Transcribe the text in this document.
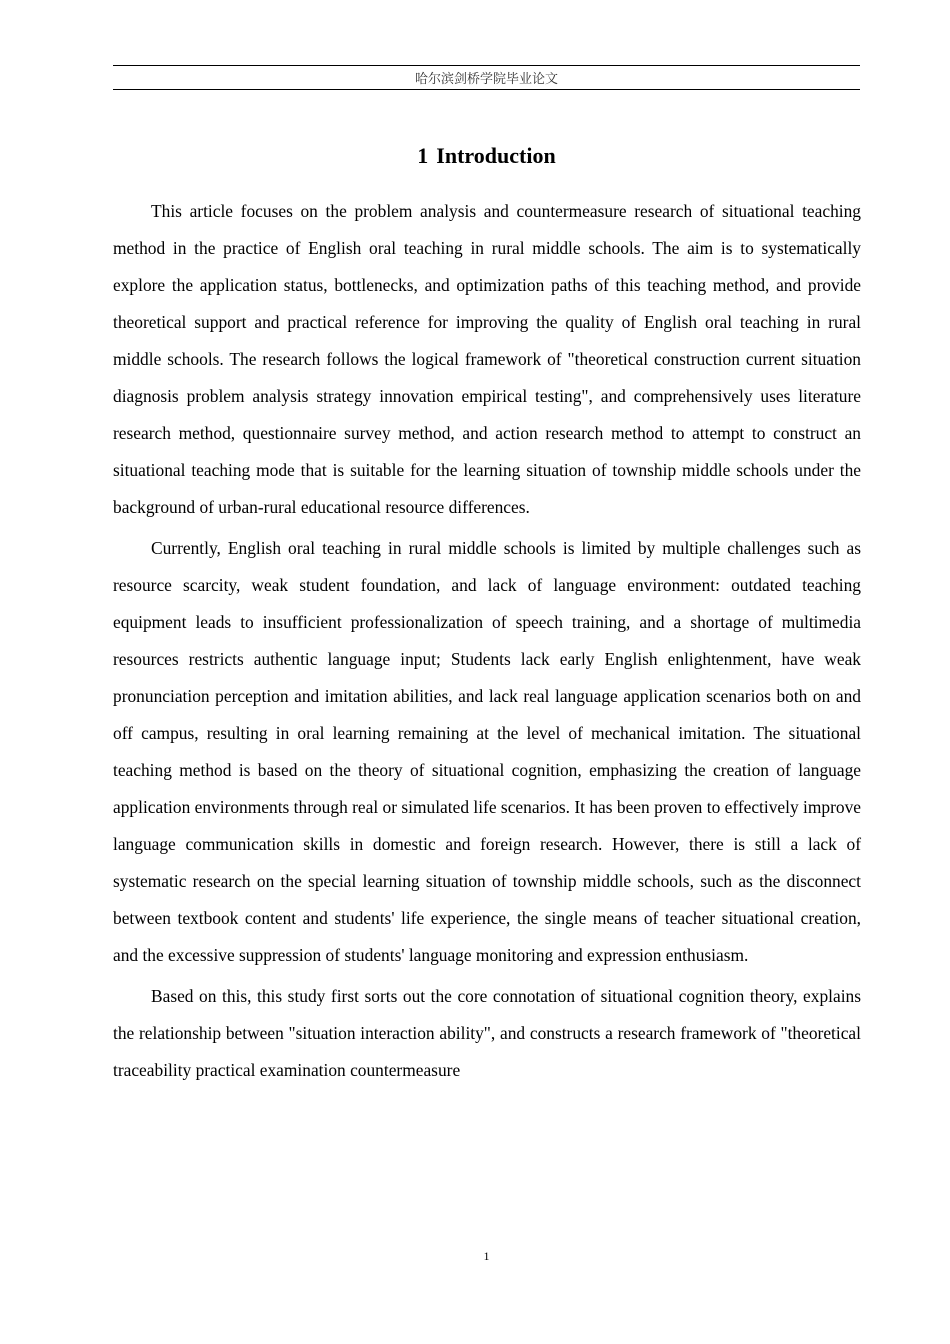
哈尔滨剑桥学院毕业论文
1 Introduction

This article focuses on the problem analysis and countermeasure research of situational teaching method in the practice of English oral teaching in rural middle schools. The aim is to systematically explore the application status, bottlenecks, and optimization paths of this teaching method, and provide theoretical support and practical reference for improving the quality of English oral teaching in rural middle schools. The research follows the logical framework of "theoretical construction current situation diagnosis problem analysis strategy innovation empirical testing", and comprehensively uses literature research method, questionnaire survey method, and action research method to attempt to construct an situational teaching mode that is suitable for the learning situation of township middle schools under the background of urban-rural educational resource differences.

Currently, English oral teaching in rural middle schools is limited by multiple challenges such as resource scarcity, weak student foundation, and lack of language environment: outdated teaching equipment leads to insufficient professionalization of speech training, and a shortage of multimedia resources restricts authentic language input; Students lack early English enlightenment, have weak pronunciation perception and imitation abilities, and lack real language application scenarios both on and off campus, resulting in oral learning remaining at the level of mechanical imitation. The situational teaching method is based on the theory of situational cognition, emphasizing the creation of language application environments through real or simulated life scenarios. It has been proven to effectively improve language communication skills in domestic and foreign research. However, there is still a lack of systematic research on the special learning situation of township middle schools, such as the disconnect between textbook content and students' life experience, the single means of teacher situational creation, and the excessive suppression of students' language monitoring and expression enthusiasm.

Based on this, this study first sorts out the core connotation of situational cognition theory, explains the relationship between "situation interaction ability", and constructs a research framework of "theoretical traceability practical examination countermeasure

1
